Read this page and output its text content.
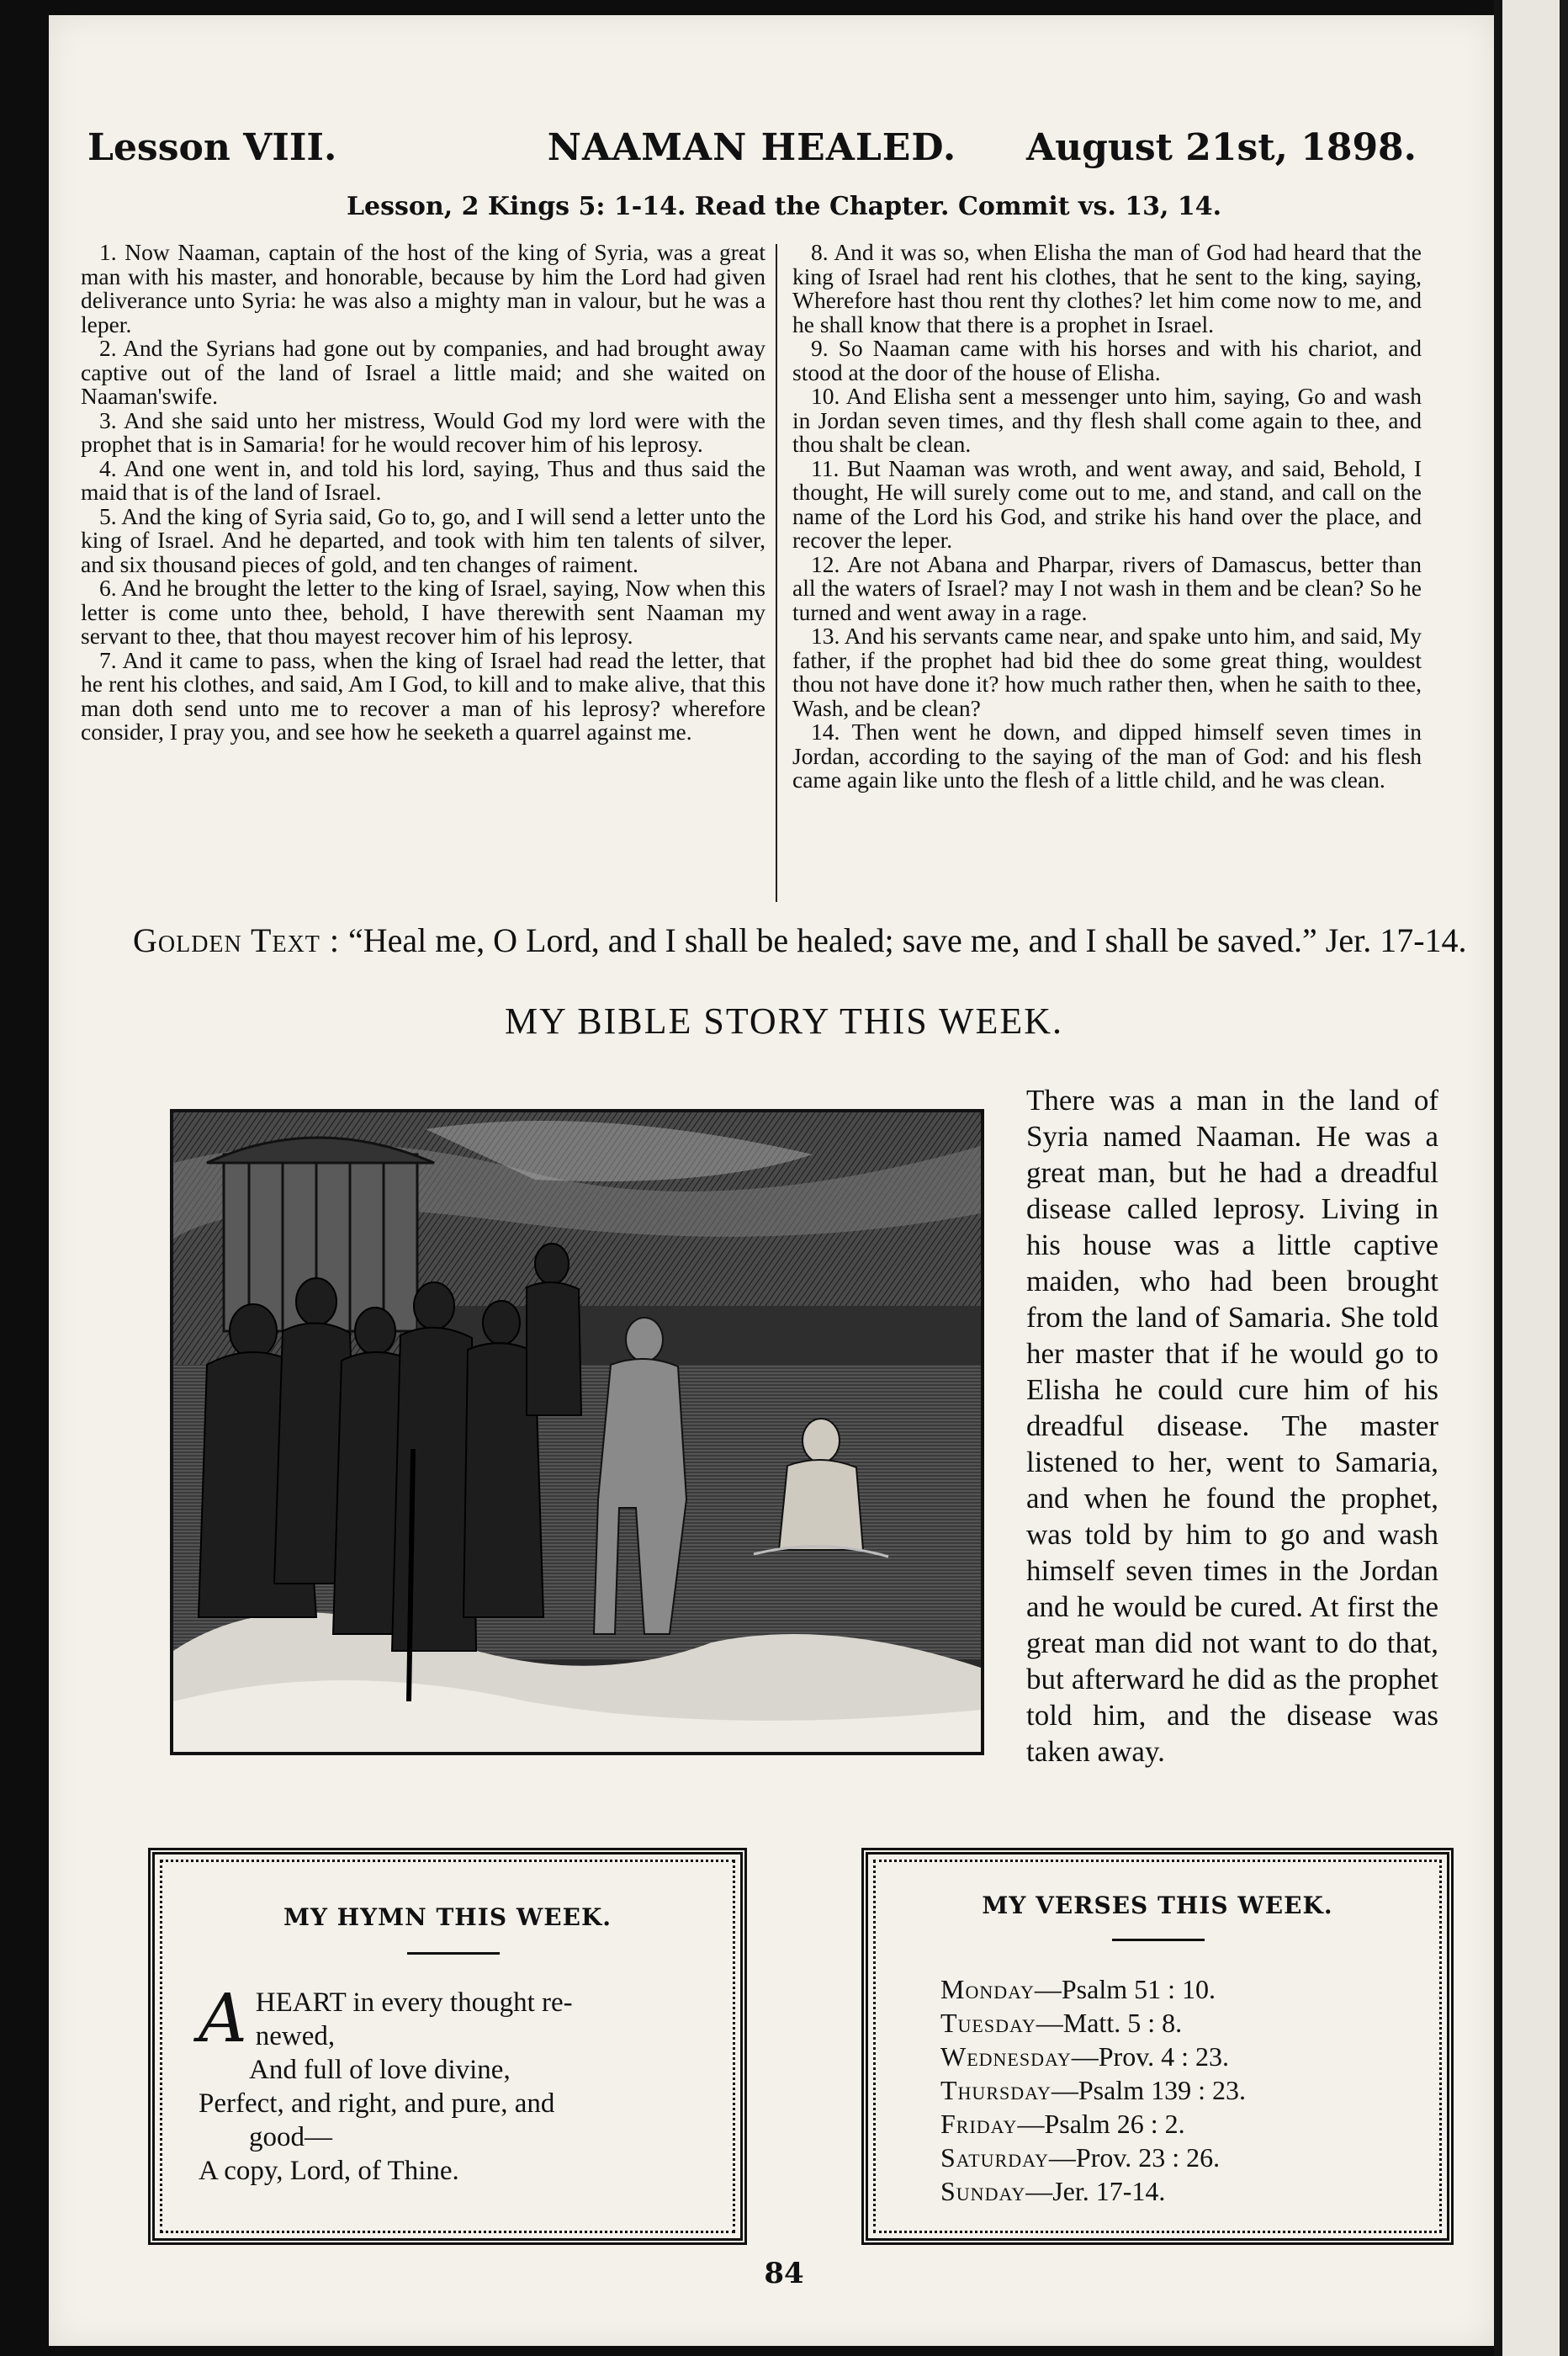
Lesson VIII.	NAAMAN HEALED.	August 21st, 1898.
Lesson, 2 Kings 5: 1-14. Read the Chapter. Commit vs. 13, 14.

1. Now Naaman, captain of the host of the king of Syria, was a great man with his master, and honorable, because by him the Lord had given deliverance unto Syria: he was also a mighty man in valour, but he was a leper.

2. And the Syrians had gone out by companies, and had brought away captive out of the land of Israel a little maid; and she waited on Naaman'swife.

3. And she said unto her mistress, Would God my lord were with the prophet that is in Samaria! for he would recover him of his leprosy.

4. And one went in, and told his lord, saying, Thus and thus said the maid that is of the land of Israel.

5. And the king of Syria said, Go to, go, and I will send a letter unto the king of Israel. And he departed, and took with him ten talents of silver, and six thousand pieces of gold, and ten changes of raiment.

6. And he brought the letter to the king of Israel, saying, Now when this letter is come unto thee, behold, I have therewith sent Naaman my servant to thee, that thou mayest recover him of his leprosy.

7. And it came to pass, when the king of Israel had read the letter, that he rent his clothes, and said, Am I God, to kill and to make alive, that this man doth send unto me to recover a man of his leprosy? wherefore consider, I pray you, and see how he seeketh a quarrel against me.

8. And it was so, when Elisha the man of God had heard that the king of Israel had rent his clothes, that he sent to the king, saying, Wherefore hast thou rent thy clothes? let him come now to me, and he shall know that there is a prophet in Israel.

9. So Naaman came with his horses and with his chariot, and stood at the door of the house of Elisha.

10. And Elisha sent a messenger unto him, saying, Go and wash in Jordan seven times, and thy flesh shall come again to thee, and thou shalt be clean.

11. But Naaman was wroth, and went away, and said, Behold, I thought, He will surely come out to me, and stand, and call on the name of the Lord his God, and strike his hand over the place, and recover the leper.

12. Are not Abana and Pharpar, rivers of Damascus, better than all the waters of Israel? may I not wash in them and be clean? So he turned and went away in a rage.

13. And his servants came near, and spake unto him, and said, My father, if the prophet had bid thee do some great thing, wouldest thou not have done it? how much rather then, when he saith to thee, Wash, and be clean?

14. Then went he down, and dipped himself seven times in Jordan, according to the saying of the man of God: and his flesh came again like unto the flesh of a little child, and he was clean.

Golden Text : “Heal me, O Lord, and I shall be healed; save me, and I shall be saved.” Jer. 17-14.
MY BIBLE STORY THIS WEEK.

There was a man in the land of Syria named Naaman. He was a great man, but he had a dreadful disease called leprosy. Living in his house was a little captive maiden, who had been brought from the land of Samaria. She told her master that if he would go to Elisha he could cure him of his dreadful disease. The master listened to her, went to Samaria, and when he found the prophet, was told by him to go and wash himself seven times in the Jordan and he would be cured. At first the great man did not want to do that, but afterward he did as the prophet told him, and the disease was taken away.

MY HYMN THIS WEEK.
A HEART in every thought re-
newed,
And full of love divine,
Perfect, and right, and pure, and
good—
A copy, Lord, of Thine.
MY VERSES THIS WEEK.
Monday—Psalm 51 : 10.
Tuesday—Matt. 5 : 8.
Wednesday—Prov. 4 : 23.
Thursday—Psalm 139 : 23.
Friday—Psalm 26 : 2.
Saturday—Prov. 23 : 26.
Sunday—Jer. 17-14.
84
